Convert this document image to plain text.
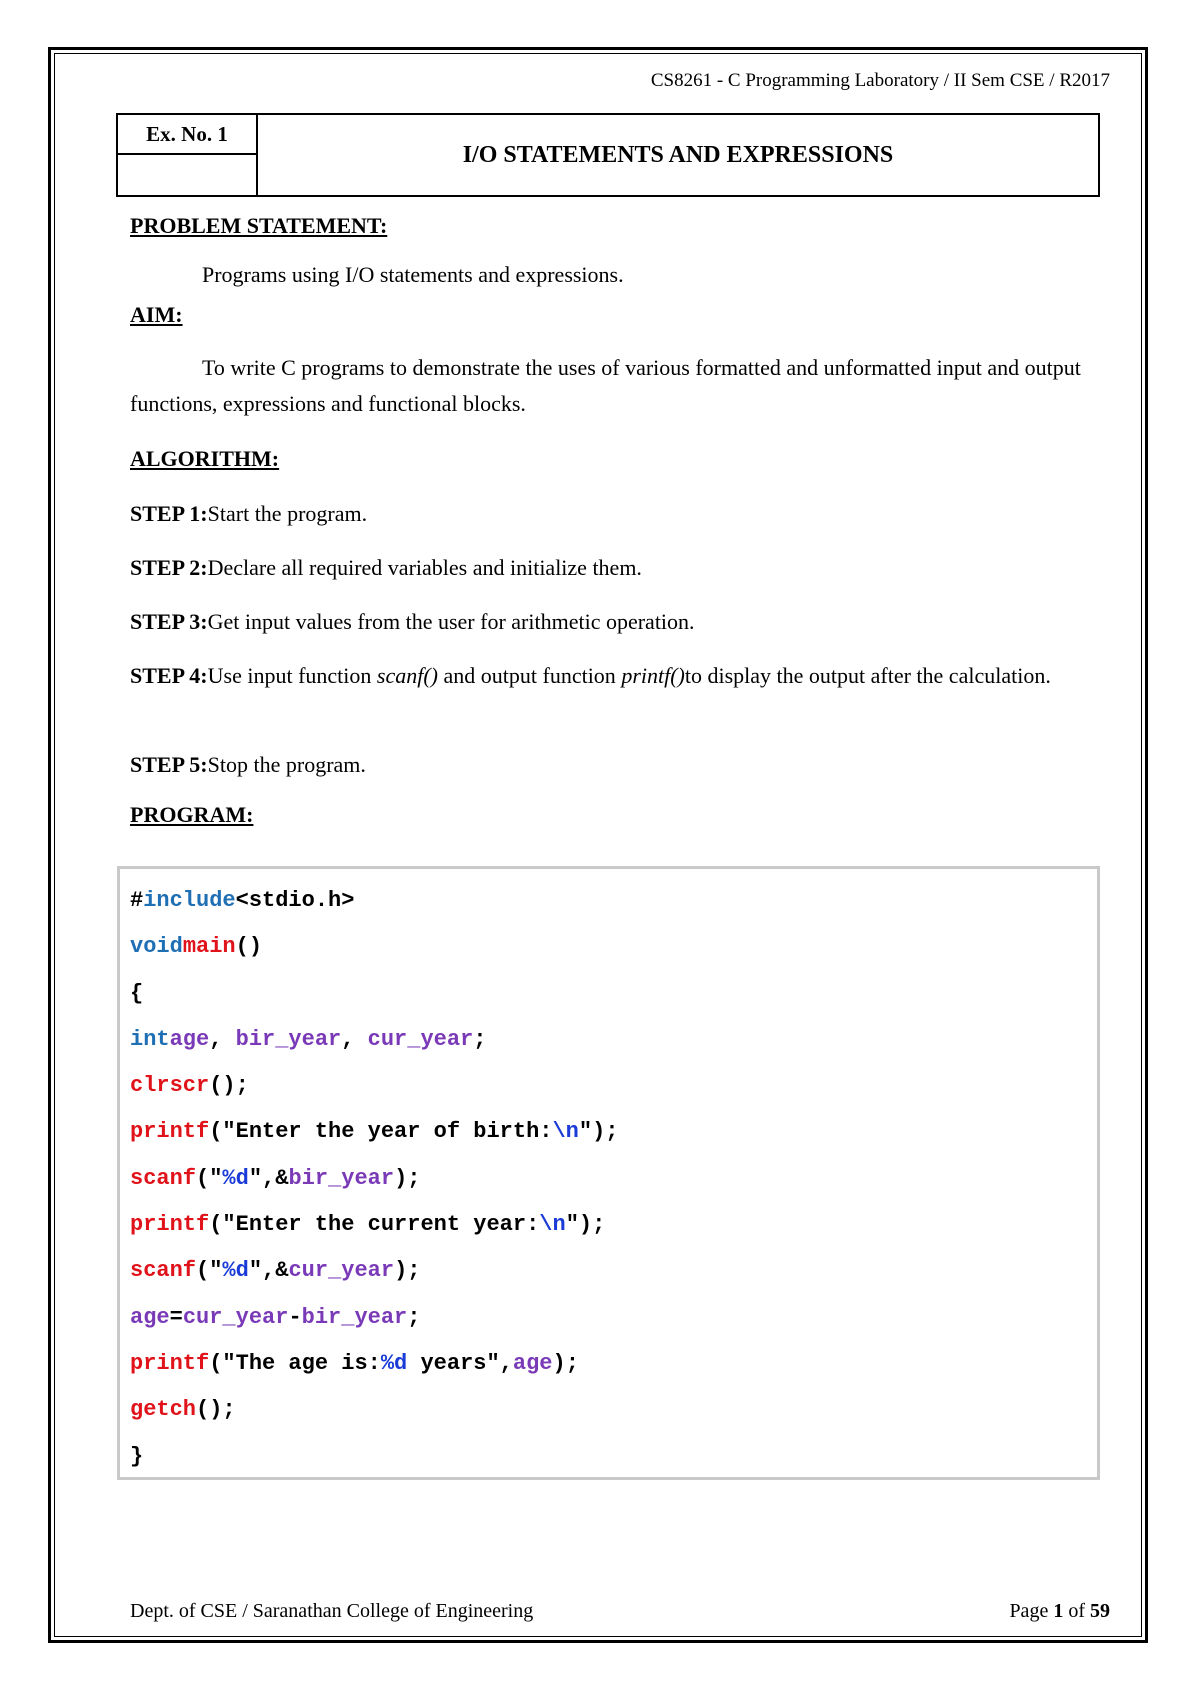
CS8261 - C Programming Laboratory / II Sem CSE / R2017
Ex. No. 1
I/O STATEMENTS AND EXPRESSIONS
PROBLEM STATEMENT:
Programs using I/O statements and expressions.
AIM:
To write C programs to demonstrate the uses of various formatted and unformatted input and output functions, expressions and functional blocks.
ALGORITHM:
STEP 1:Start the program.
STEP 2:Declare all required variables and initialize them.
STEP 3:Get input values from the user for arithmetic operation.
STEP 4:Use input function scanf() and output function printf()to display the output after the calculation.
STEP 5:Stop the program.
PROGRAM:
#include<stdio.h>
voidmain()
{
intage, bir_year, cur_year;
clrscr();
printf("Enter the year of birth:\n");
scanf("%d",&bir_year);
printf("Enter the current year:\n");
scanf("%d",&cur_year);
age=cur_year-bir_year;
printf("The age is:%d years",age);
getch();
}
Dept. of CSE / Saranathan College of Engineering	Page 1 of 59
